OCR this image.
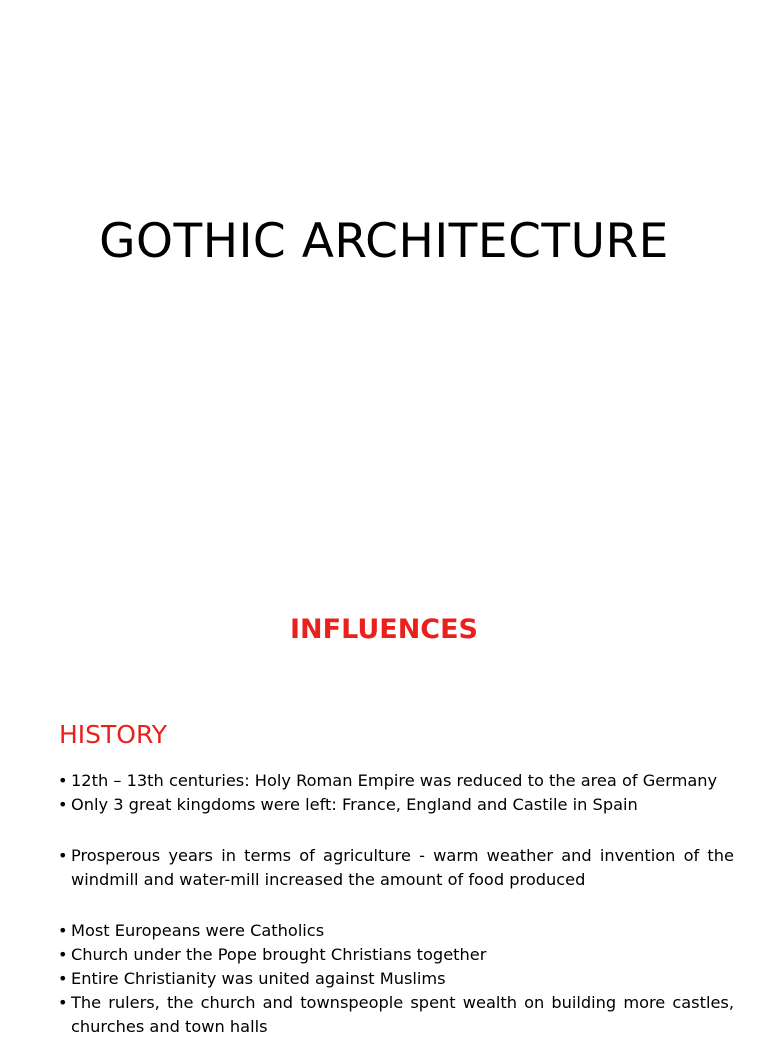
GOTHIC ARCHITECTURE
INFLUENCES
HISTORY
• 12th – 13th centuries: Holy Roman Empire was reduced to the area of Germany
• Only 3 great kingdoms were left: France, England and Castile in Spain
• Prosperous years in terms of agriculture - warm weather and invention of the windmill and water-mill increased the amount of food produced
• Most Europeans were Catholics
• Church under the Pope brought Christians together
• Entire Christianity was united against Muslims
• The rulers, the church and townspeople spent wealth on building more castles, churches and town halls
